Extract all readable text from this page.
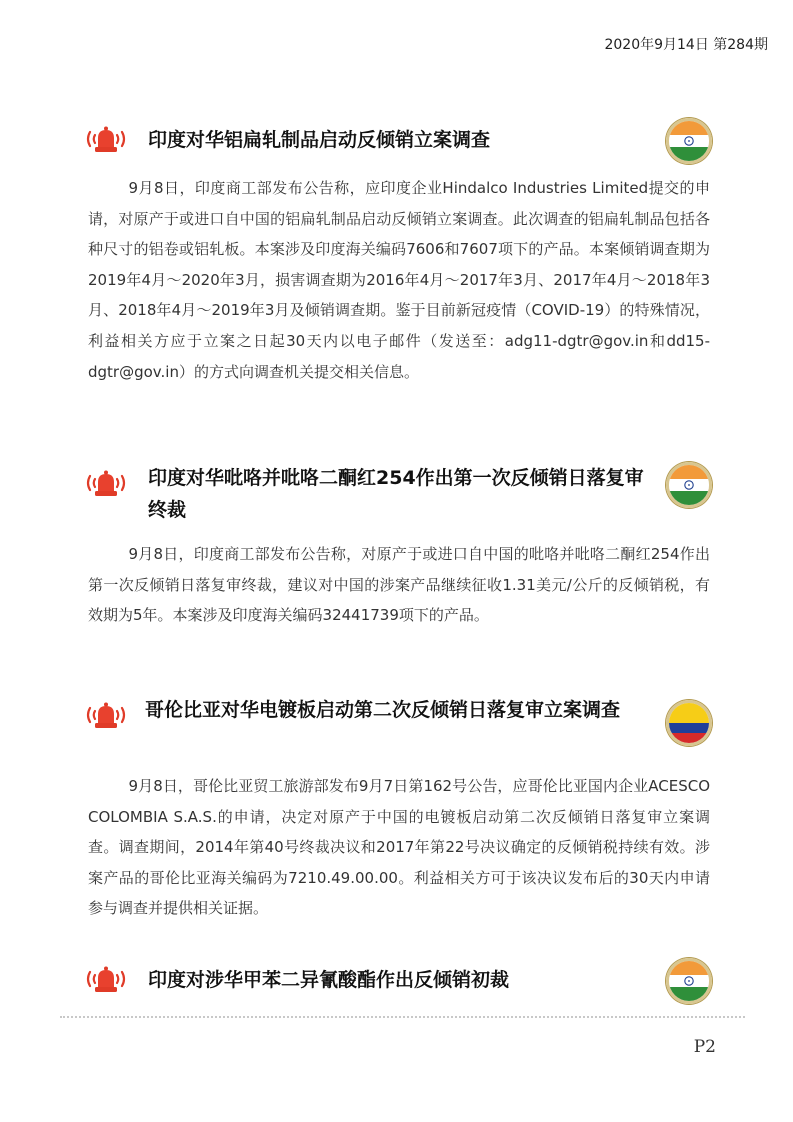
2020年9月14日 第284期
印度对华铝扁轧制品启动反倾销立案调查

9月8日，印度商工部发布公告称，应印度企业Hindalco Industries Limited提交的申请，对原产于或进口自中国的铝扁轧制品启动反倾销立案调查。此次调查的铝扁轧制品包括各种尺寸的铝卷或铝轧板。本案涉及印度海关编码7606和7607项下的产品。本案倾销调查期为2019年4月～2020年3月，损害调查期为2016年4月～2017年3月、2017年4月～2018年3月、2018年4月～2019年3月及倾销调查期。鉴于目前新冠疫情（COVID-19）的特殊情况，利益相关方应于立案之日起30天内以电子邮件（发送至：adg11-dgtr@gov.in和dd15-dgtr@gov.in）的方式向调查机关提交相关信息。

印度对华吡咯并吡咯二酮红254作出第一次反倾销日落复审终裁

9月8日，印度商工部发布公告称，对原产于或进口自中国的吡咯并吡咯二酮红254作出第一次反倾销日落复审终裁，建议对中国的涉案产品继续征收1.31美元/公斤的反倾销税，有效期为5年。本案涉及印度海关编码32441739项下的产品。

哥伦比亚对华电镀板启动第二次反倾销日落复审立案调查

9月8日，哥伦比亚贸工旅游部发布9月7日第162号公告，应哥伦比亚国内企业ACESCO COLOMBIA S.A.S.的申请，决定对原产于中国的电镀板启动第二次反倾销日落复审立案调查。调查期间，2014年第40号终裁决议和2017年第22号决议确定的反倾销税持续有效。涉案产品的哥伦比亚海关编码为7210.49.00.00。利益相关方可于该决议发布后的30天内申请参与调查并提供相关证据。

印度对涉华甲苯二异氰酸酯作出反倾销初裁
P2
